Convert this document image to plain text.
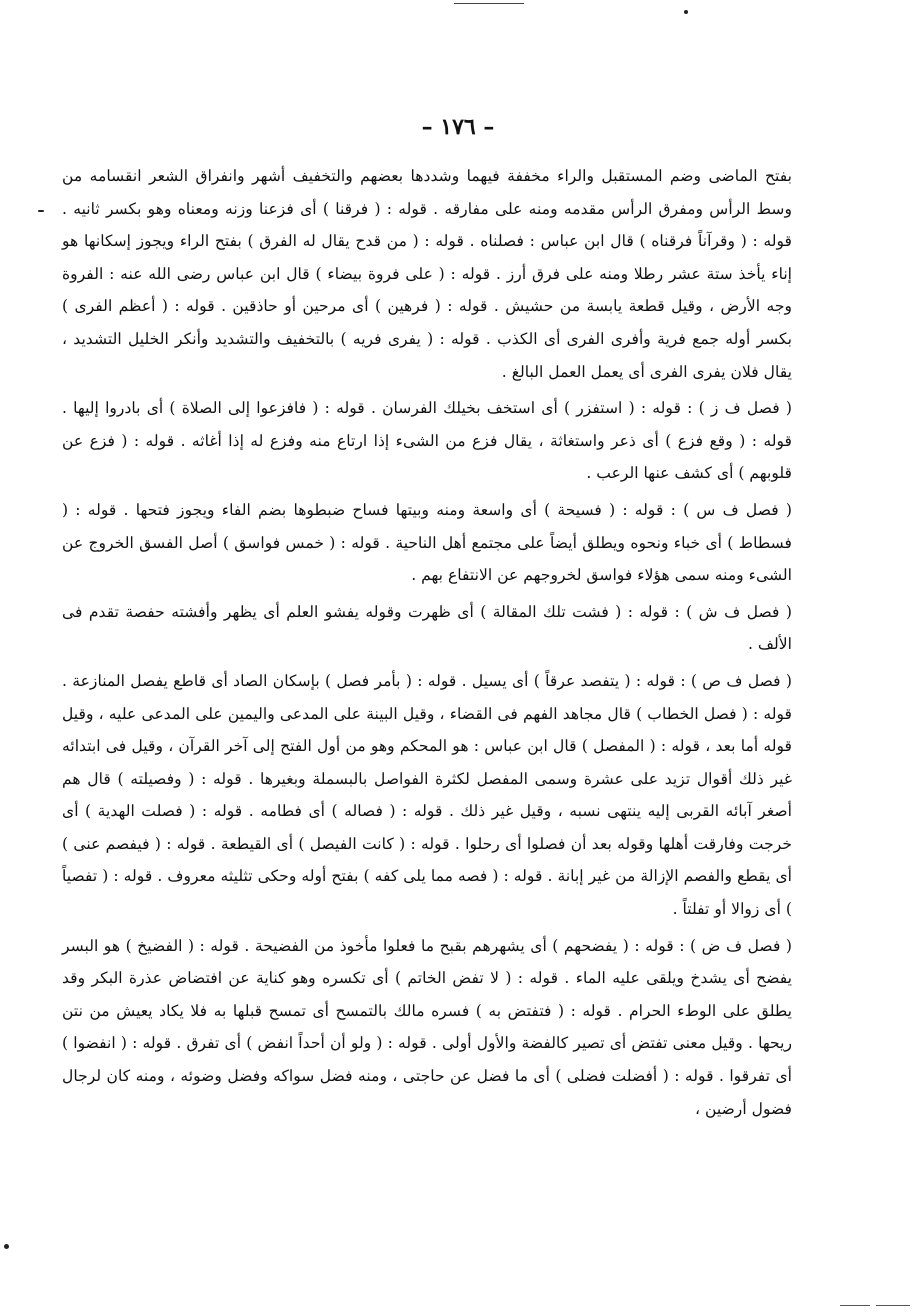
– ١٧٦ –

بفتح الماضى وضم المستقبل والراء مخففة فيهما وشددها بعضهم والتخفيف أشهر وانفراق الشعر انقسامه من وسط الرأس ومفرق الرأس مقدمه ومنه على مفارقه . قوله : ( فرقنا ) أى فزعنا وزنه ومعناه وهو بكسر ثانيه . قوله : ( وقرآناً فرقناه ) قال ابن عباس : فصلناه . قوله : ( من قدح يقال له الفرق ) بفتح الراء ويجوز إسكانها هو إناء يأخذ ستة عشر رطلا ومنه على فرق أرز . قوله : ( على فروة بيضاء ) قال ابن عباس رضى الله عنه : الفروة وجه الأرض ، وقيل قطعة يابسة من حشيش . قوله : ( فرهين ) أى مرحين أو حاذقين . قوله : ( أعظم الفرى ) بكسر أوله جمع فرية وأفرى الفرى أى الكذب . قوله : ( يفرى فريه ) بالتخفيف والتشديد وأنكر الخليل التشديد ، يقال فلان يفرى الفرى أى يعمل العمل البالغ .

( فصل ف ز ) : قوله : ( استفزر ) أى استخف بخيلك الفرسان . قوله : ( فافزعوا إلى الصلاة ) أى بادروا إليها . قوله : ( وقع فزع ) أى ذعر واستغاثة ، يقال فزع من الشىء إذا ارتاع منه وفزع له إذا أغاثه . قوله : ( فزع عن قلوبهم ) أى كشف عنها الرعب .

( فصل ف س ) : قوله : ( فسيحة ) أى واسعة ومنه وبيتها فساح ضبطوها بضم الفاء ويجوز فتحها . قوله : ( فسطاط ) أى خباء ونحوه ويطلق أيضاً على مجتمع أهل الناحية . قوله : ( خمس فواسق ) أصل الفسق الخروج عن الشىء ومنه سمى هؤلاء فواسق لخروجهم عن الانتفاع بهم .

( فصل ف ش ) : قوله : ( فشت تلك المقالة ) أى ظهرت وقوله يفشو العلم أى يظهر وأفشته حفصة تقدم فى الألف .

( فصل ف ص ) : قوله : ( يتفصد عرقاً ) أى يسيل . قوله : ( بأمر فصل ) بإسكان الصاد أى قاطع يفصل المنازعة . قوله : ( فصل الخطاب ) قال مجاهد الفهم فى القضاء ، وقيل البينة على المدعى واليمين على المدعى عليه ، وقيل قوله أما بعد ، قوله : ( المفصل ) قال ابن عباس : هو المحكم وهو من أول الفتح إلى آخر القرآن ، وقيل فى ابتدائه غير ذلك أقوال تزيد على عشرة وسمى المفصل لكثرة الفواصل بالبسملة وبغيرها . قوله : ( وفصيلته ) قال هم أصغر آبائه القربى إليه ينتهى نسبه ، وقيل غير ذلك . قوله : ( فصاله ) أى فطامه . قوله : ( فصلت الهدية ) أى خرجت وفارقت أهلها وقوله بعد أن فصلوا أى رحلوا . قوله : ( كانت الفيصل ) أى القيطعة . قوله : ( فيفصم عنى ) أى يقطع والفصم الإزالة من غير إبانة . قوله : ( فصه مما يلى كفه ) بفتح أوله وحكى تثليثه معروف . قوله : ( تفصياً ) أى زوالا أو تفلتاً .

( فصل ف ض ) : قوله : ( يفضحهم ) أى يشهرهم بقبح ما فعلوا مأخوذ من الفضيحة . قوله : ( الفضيخ ) هو البسر يفضح أى يشدخ ويلقى عليه الماء . قوله : ( لا تفض الخاتم ) أى تكسره وهو كناية عن افتضاض عذرة البكر وقد يطلق على الوطء الحرام . قوله : ( فتفتض به ) فسره مالك بالتمسح أى تمسح قبلها به فلا يكاد يعيش من نتن ريحها . وقيل معنى تفتض أى تصير كالفضة والأول أولى . قوله : ( ولو أن أحداً انفض ) أى تفرق . قوله : ( انفضوا ) أى تفرقوا . قوله : ( أفضلت فضلى ) أى ما فضل عن حاجتى ، ومنه فضل سواكه وفضل وضوئه ، ومنه كان لرجال فضول أرضين ،
